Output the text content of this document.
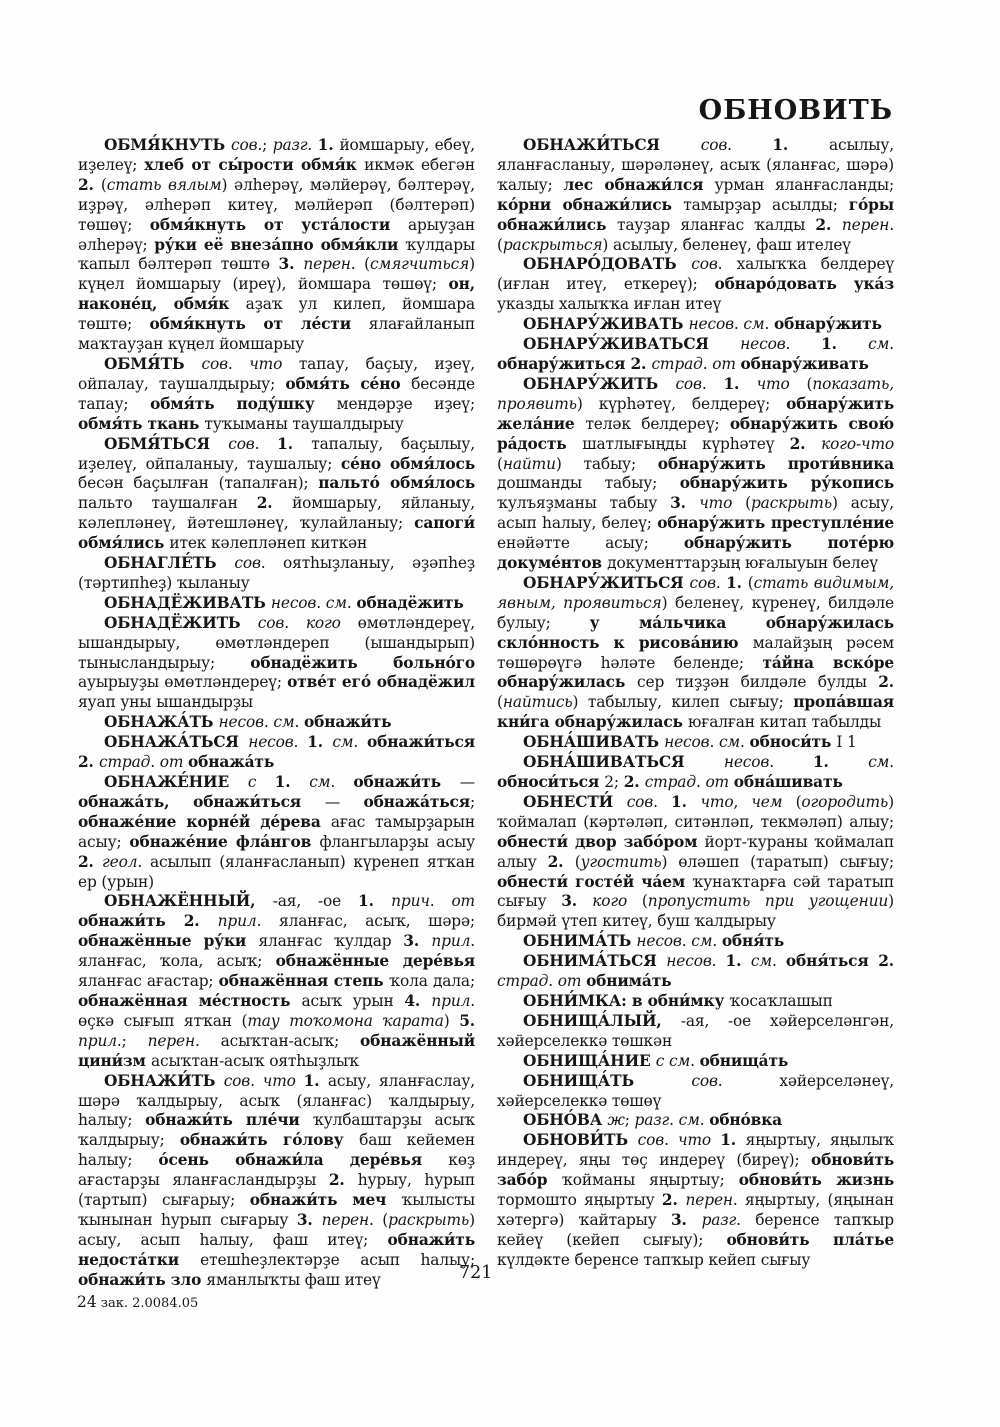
ОБНОВИТЬ

ОБМЯ́КНУТЬ сов.; разг. 1. йомшарыу, ебеү, иҙелеү; хлеб от сы́рости обмя́к икмәк ебегән 2. (стать вялым) әлһерәү, мәлйерәү, бәлтерәү, иҙрәү, әлһерәп китеү, мәлйерәп (бәлтерәп) төшөү; обмя́кнуть от уста́лости арыуҙан әлһерәү; ру́ки её внеза́пно обмя́кли ҡулдары ҡапыл бәлтерәп төштө 3. перен. (смягчиться) күңел йомшарыу (иреү), йомшара төшөү; он, наконе́ц, обмя́к аҙаҡ ул килеп, йомшара төштө; обмя́кнуть от ле́сти ялағайланып маҡтауҙан күңел йомшарыу

ОБМЯ́ТЬ сов. что тапау, баҫыу, иҙеү, ойпалау, таушалдырыу; обмя́ть се́но бесәнде тапау; обмя́ть поду́шку мендәрҙе иҙеү; обмя́ть ткань туҡыманы таушалдырыу

ОБМЯ́ТЬСЯ сов. 1. тапалыу, баҫылыу, иҙелеү, ойпаланыу, таушалыу; се́но обмя́лось бесән баҫылған (тапалған); пальто́ обмя́лось пальто таушалған 2. йомшарыу, яйланыу, кәлепләнеү, йәтешләнеү, ҡулайланыу; сапоги́ обмя́лись итек кәлепләнеп киткән

ОБНАГЛЕ́ТЬ сов. оятһыҙланыу, әҙәпһеҙ (тәртипһеҙ) ҡыланыу

ОБНАДЁЖИВАТЬ несов. см. обнадёжить

ОБНАДЁЖИТЬ сов. кого өмөтләндереү, ышандырыу, өмөтләндереп (ышандырып) тынысландырыу; обнадёжить больно́го ауырыуҙы өмөтләндереү; отве́т его́ обнадёжил яуап уны ышандырҙы

ОБНАЖА́ТЬ несов. см. обнажи́ть

ОБНАЖА́ТЬСЯ несов. 1. см. обнажи́ться 2. страд. от обнажа́ть

ОБНАЖЕ́НИЕ с 1. см. обнажи́ть — обнажа́ть, обнажи́ться — обнажа́ться; обнаже́ние корне́й де́рева ағас тамырҙарын асыу; обнаже́ние фла́нгов флангыларҙы асыу 2. геол. асылып (яланғасланып) күренеп ятҡан ер (урын)

ОБНАЖЁННЫЙ, -ая, -ое 1. прич. от обнажи́ть 2. прил. яланғас, асыҡ, шәрә; обнажённые ру́ки яланғас ҡулдар 3. прил. яланғас, ҡола, асыҡ; обнажённые дере́вья яланғас ағастар; обнажённая степь ҡола дала; обнажённая ме́стность асыҡ урын 4. прил. өҫкә сығып ятҡан (тау тоҡомона ҡарата) 5. прил.; перен. асыҡтан-асыҡ; обнажённый цини́зм асыҡтан-асыҡ оятһыҙлыҡ

ОБНАЖИ́ТЬ сов. что 1. асыу, яланғаслау, шәрә ҡалдырыу, асыҡ (яланғас) ҡалдырыу, һалыу; обнажи́ть пле́чи ҡулбаштарҙы асыҡ ҡалдырыу; обнажи́ть го́лову баш кейемен һалыу; о́сень обнажи́ла дере́вья көҙ ағастарҙы яланғасландырҙы 2. һурыу, һурып (тартып) сығарыу; обнажи́ть меч ҡылысты ҡынынан һурып сығарыу 3. перен. (раскрыть) асыу, асып һалыу, фаш итеү; обнажи́ть недоста́тки етешһеҙлектәрҙе асып һалыу; обнажи́ть зло яманлыҡты фаш итеү

ОБНАЖИ́ТЬСЯ сов. 1. асылыу, яланғасланыу, шәрәләнеү, асыҡ (яланғас, шәрә) ҡалыу; лес обнажи́лся урман яланғасланды; ко́рни обнажи́лись тамырҙар асылды; го́ры обнажи́лись тауҙар яланғас ҡалды 2. перен. (раскрыться) асылыу, беленеү, фаш ителеү

ОБНАРО́ДОВАТЬ сов. халыҡҡа белдереү (иғлан итеү, еткереү); обнаро́довать ука́з указды халыҡҡа иғлан итеү

ОБНАРУ́ЖИВАТЬ несов. см. обнару́жить

ОБНАРУ́ЖИВАТЬСЯ несов. 1. см. обнару́житься 2. страд. от обнару́живать

ОБНАРУ́ЖИТЬ сов. 1. что (показать, проявить) күрһәтеү, белдереү; обнару́жить жела́ние теләк белдереү; обнару́жить свою́ ра́дость шатлығыңды күрһәтеү 2. кого-что (найти) табыу; обнару́жить проти́вника дошманды табыу; обнару́жить ру́копись ҡулъяҙманы табыу 3. что (раскрыть) асыу, асып һалыу, белеү; обнару́жить преступле́ние енәйәтте асыу; обнару́жить поте́рю докуме́нтов документтарҙың юғалыуын белеү

ОБНАРУ́ЖИТЬСЯ сов. 1. (стать видимым, явным, проявиться) беленеү, күренеү, билдәле булыу; у ма́льчика обнару́жилась скло́нность к рисова́нию малайҙың рәсем төшөрөүгә һәләте беленде; та́йна вско́ре обнару́жилась сер тиҙҙән билдәле булды 2. (найтись) табылыу, килеп сығыу; пропа́вшая кни́га обнару́жилась юғалған китап табылды

ОБНА́ШИВАТЬ несов. см. обноси́ть I 1

ОБНА́ШИВАТЬСЯ несов. 1. см. обноси́ться 2; 2. страд. от обна́шивать

ОБНЕСТИ́ сов. 1. что, чем (огородить) ҡоймалап (кәртәләп, ситәнләп, текмәләп) алыу; обнести́ двор забо́ром йорт-ҡураны ҡоймалап алыу 2. (угостить) өләшеп (таратып) сығыу; обнести́ госте́й ча́ем ҡунаҡтарға сәй таратып сығыу 3. кого (пропустить при угощении) бирмәй үтеп китеү, буш ҡалдырыу

ОБНИМА́ТЬ несов. см. обня́ть

ОБНИМА́ТЬСЯ несов. 1. см. обня́ться 2. страд. от обнима́ть

ОБНИ́МКА: в обни́мку ҡосаҡлашып

ОБНИЩА́ЛЫЙ, -ая, -ое хәйерселәнгән, хәйерселеккә төшкән

ОБНИЩА́НИЕ с см. обнища́ть

ОБНИЩА́ТЬ сов. хәйерселәнеү, хәйерселеккә төшөү

ОБНО́ВА ж; разг. см. обно́вка

ОБНОВИ́ТЬ сов. что 1. яңыртыу, яңылыҡ индереү, яңы төҫ индереү (биреү); обнови́ть забо́р ҡойманы яңыртыу; обнови́ть жизнь тормошто яңыртыу 2. перен. яңыртыу, (яңынан хәтергә) ҡайтарыу 3. разг. беренсе тапҡыр кейеү (кейеп сығыу); обнови́ть пла́тье күлдәкте беренсе тапҡыр кейеп сығыу

721
24 зак. 2.0084.05
